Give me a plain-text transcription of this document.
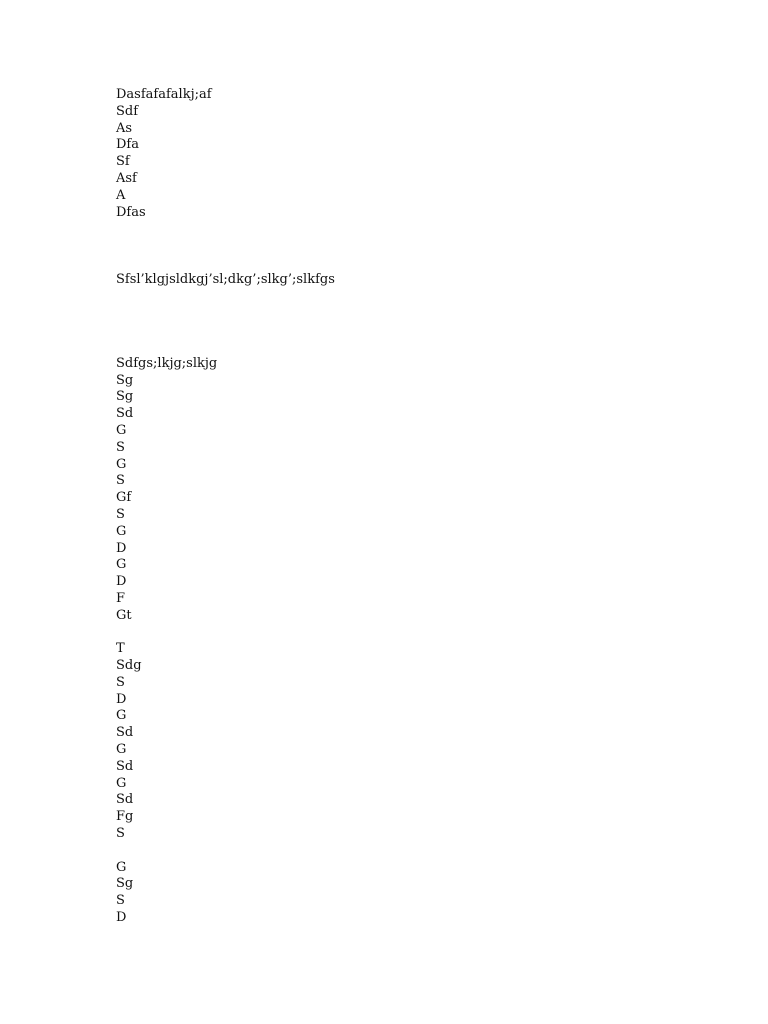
Dasfafafalkj;af
Sdf
As
Dfa
Sf
Asf
A
Dfas
Sfsl’klgjsldkgj’sl;dkg’;slkg’;slkfgs
Sdfgs;lkjg;slkjg
Sg
Sg
Sd
G
S
G
S
Gf
S
G
D
G
D
F
Gt
T
Sdg
S
D
G
Sd
G
Sd
G
Sd
Fg
S
G
Sg
S
D
